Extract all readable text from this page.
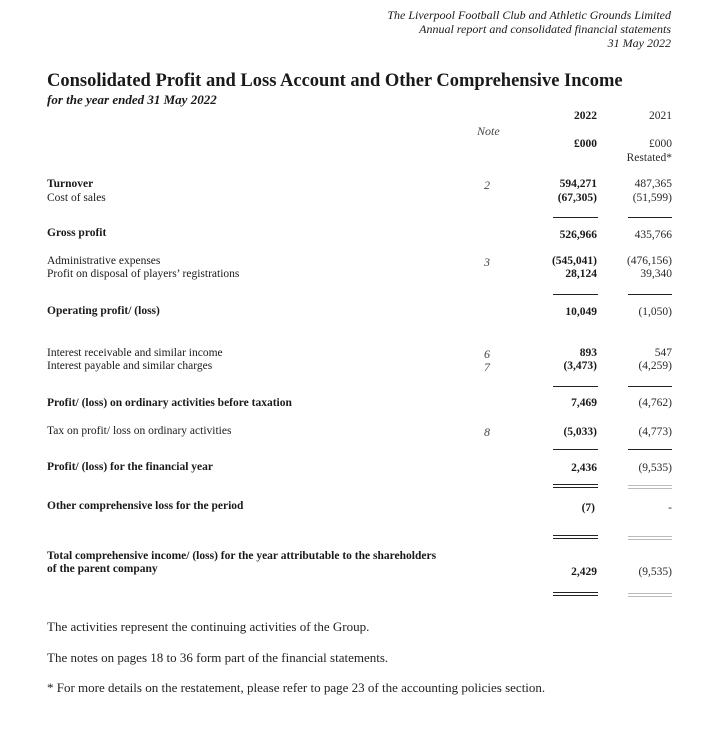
The Liverpool Football Club and Athletic Grounds Limited
Annual report and consolidated financial statements
31 May 2022
Consolidated Profit and Loss Account and Other Comprehensive Income
for the year ended 31 May 2022
Note
2022	2021
£000	£000
Restated*
Turnover	2	594,271	487,365
Cost of sales	(67,305)	(51,599)
Gross profit	526,966	435,766
Administrative expenses	3	(545,041)	(476,156)
Profit on disposal of players’ registrations	28,124	39,340
Operating profit/ (loss)	10,049	(1,050)
Interest receivable and similar income	6	893	547
Interest payable and similar charges	7	(3,473)	(4,259)
Profit/ (loss) on ordinary activities before taxation	7,469	(4,762)
Tax on profit/ loss on ordinary activities	8	(5,033)	(4,773)
Profit/ (loss) for the financial year	2,436	(9,535)
Other comprehensive loss for the period	(7)	-
Total comprehensive income/ (loss) for the year attributable to the shareholders
of the parent company	2,429	(9,535)
The activities represent the continuing activities of the Group.
The notes on pages 18 to 36 form part of the financial statements.
* For more details on the restatement, please refer to page 23 of the accounting policies section.
